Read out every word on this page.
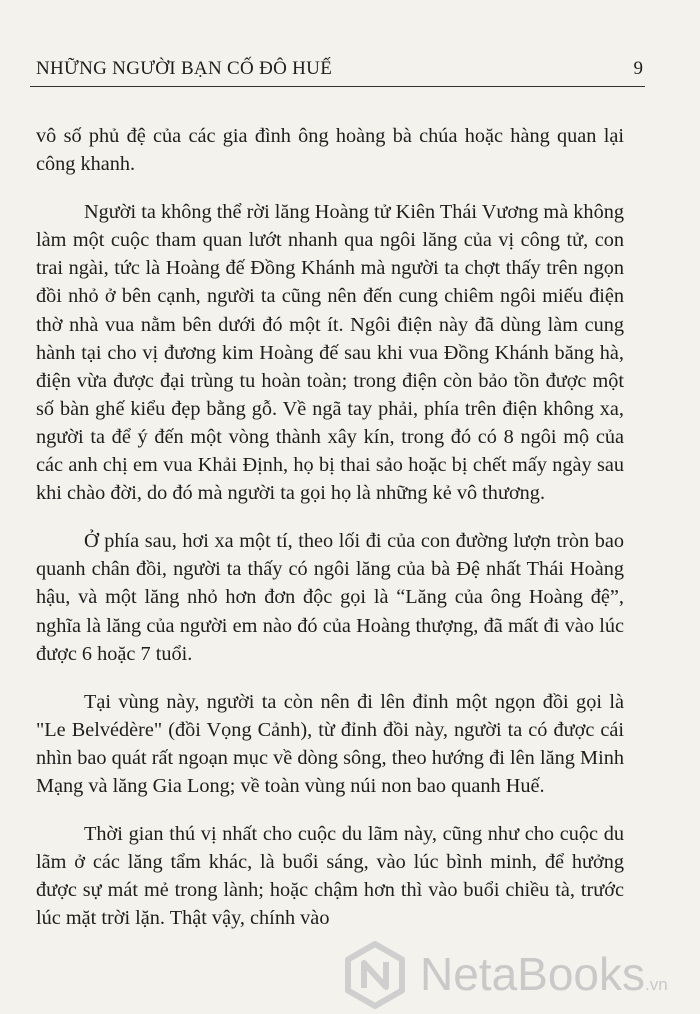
NHỮNG NGƯỜI BẠN CỐ ĐÔ HUẾ	9

vô số phủ đệ của các gia đình ông hoàng bà chúa hoặc hàng quan lại công khanh.

Người ta không thể rời lăng Hoàng tử Kiên Thái Vương mà không làm một cuộc tham quan lướt nhanh qua ngôi lăng của vị công tử, con trai ngài, tức là Hoàng đế Đồng Khánh mà người ta chợt thấy trên ngọn đồi nhỏ ở bên cạnh, người ta cũng nên đến cung chiêm ngôi miếu điện thờ nhà vua nằm bên dưới đó một ít. Ngôi điện này đã dùng làm cung hành tại cho vị đương kim Hoàng đế sau khi vua Đồng Khánh băng hà, điện vừa được đại trùng tu hoàn toàn; trong điện còn bảo tồn được một số bàn ghế kiểu đẹp bằng gỗ. Về ngã tay phải, phía trên điện không xa, người ta để ý đến một vòng thành xây kín, trong đó có 8 ngôi mộ của các anh chị em vua Khải Định, họ bị thai sảo hoặc bị chết mấy ngày sau khi chào đời, do đó mà người ta gọi họ là những kẻ vô thương.

Ở phía sau, hơi xa một tí, theo lối đi của con đường lượn tròn bao quanh chân đồi, người ta thấy có ngôi lăng của bà Đệ nhất Thái Hoàng hậu, và một lăng nhỏ hơn đơn độc gọi là “Lăng của ông Hoàng đệ”, nghĩa là lăng của người em nào đó của Hoàng thượng, đã mất đi vào lúc được 6 hoặc 7 tuổi.

Tại vùng này, người ta còn nên đi lên đỉnh một ngọn đồi gọi là "Le Belvédère" (đồi Vọng Cảnh), từ đỉnh đồi này, người ta có được cái nhìn bao quát rất ngoạn mục về dòng sông, theo hướng đi lên lăng Minh Mạng và lăng Gia Long; về toàn vùng núi non bao quanh Huế.

Thời gian thú vị nhất cho cuộc du lãm này, cũng như cho cuộc du lãm ở các lăng tẩm khác, là buổi sáng, vào lúc bình minh, để hưởng được sự mát mẻ trong lành; hoặc chậm hơn thì vào buổi chiều tà, trước lúc mặt trời lặn. Thật vậy, chính vào

NetaBooks.vn
